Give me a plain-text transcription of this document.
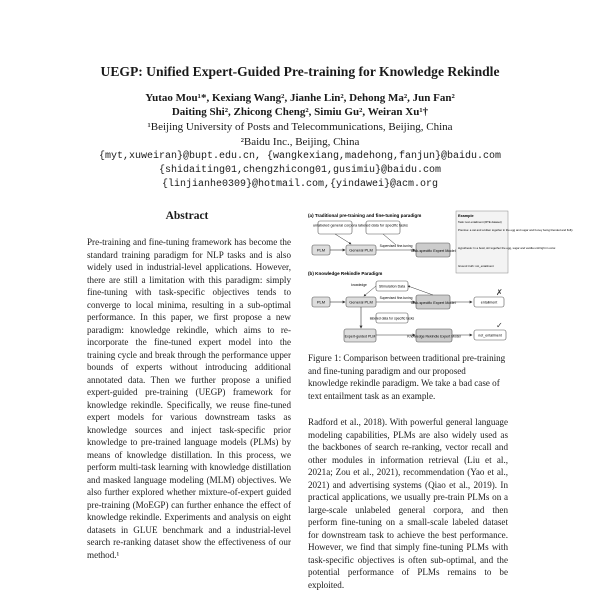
UEGP: Unified Expert-Guided Pre-training for Knowledge Rekindle
Yutao Mou¹*, Kexiang Wang², Jianhe Lin², Dehong Ma², Jun Fan²
Daiting Shi², Zhicong Cheng², Simiu Gu², Weiran Xu¹†
¹Beijing University of Posts and Telecommunications, Beijing, China
²Baidu Inc., Beijing, China
{myt,xuweiran}@bupt.edu.cn, {wangkexiang,madehong,fanjun}@baidu.com
{shidaiting01,chengzhicong01,gusimiu}@baidu.com
{linjianhe0309}@hotmail.com,{yindawei}@acm.org
Abstract
Pre-training and fine-tuning framework has become the standard training paradigm for NLP tasks and is also widely used in industrial-level applications. However, there are still a limitation with this paradigm: simply fine-tuning with task-specific objectives tends to converge to local minima, resulting in a sub-optimal performance. In this paper, we first propose a new paradigm: knowledge rekindle, which aims to re-incorporate the fine-tuned expert model into the training cycle and break through the performance upper bounds of experts without introducing additional annotated data. Then we further propose a unified expert-guided pre-training (UEGP) framework for knowledge rekindle. Specifically, we reuse fine-tuned expert models for various downstream tasks as knowledge sources and inject task-specific prior knowledge to pre-trained language models (PLMs) by means of knowledge distillation. In this process, we perform multi-task learning with knowledge distillation and masked language modeling (MLM) objectives. We also further explored whether mixture-of-expert guided pre-training (MoEGP) can further enhance the effect of knowledge rekindle. Experiments and analysis on eight datasets in GLUE benchmark and a industrial-level search re-ranking dataset show the effectiveness of our method.¹
(a) Traditional pre-training and fine-tuning paradigm
unlabeled general corpora labeled data for specific tasks
PLM	General PLM	Task-specific Expert Model
Supervised fine-tuning
Example
Task: text entailment (RTE dataset)
Premise: a cat and a kitten together in the egg and sugar and honey being blended and fluffy.
Hypothesis: In a bowl, stir together the egg, sugar and vanilla until light in color.
Ground truth: not_entailment
(b) Knowledge Rekindle Paradigm
Stimulation Data
PLM	General PLM	Task-specific Expert Model
Supervised fine-tuning
knowledge
labeled data for specific tasks
Expert-guided PLM	Knowledge Rekindle Expert Model
entailment
not_entailment
✗
✓
Figure 1: Comparison between traditional pre-training and fine-tuning paradigm and our proposed knowledge rekindle paradigm. We take a bad case of text entailment task as an example.
Radford et al., 2018). With powerful general language modeling capabilities, PLMs are also widely used as the backbones of search re-ranking, vector recall and other modules in information retrieval (Liu et al., 2021a; Zou et al., 2021), recommendation (Yao et al., 2021) and advertising systems (Qiao et al., 2019). In practical applications, we usually pre-train PLMs on a large-scale unlabeled general corpora, and then perform fine-tuning on a small-scale labeled dataset for downstream task to achieve the best performance. However, we find that simply fine-tuning PLMs with task-specific objectives is often sub-optimal, and the potential performance of PLMs remains to be exploited.
